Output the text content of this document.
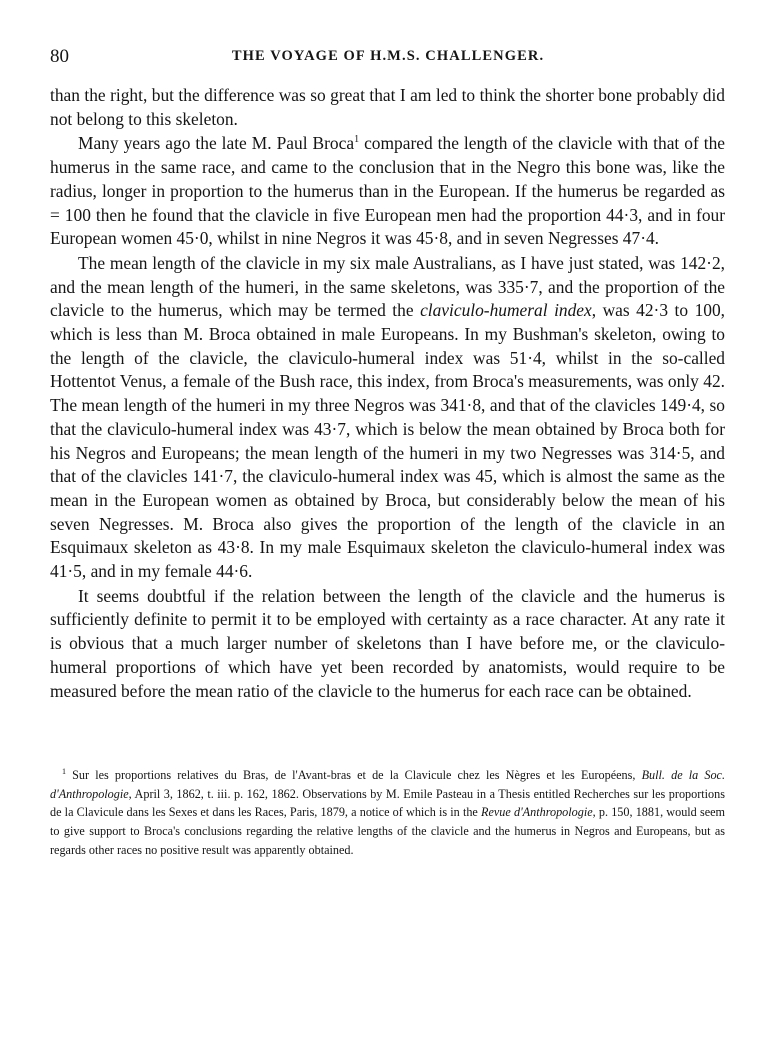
80	THE VOYAGE OF H.M.S. CHALLENGER.

than the right, but the difference was so great that I am led to think the shorter bone probably did not belong to this skeleton.

Many years ago the late M. Paul Broca$^1$ compared the length of the clavicle with that of the humerus in the same race, and came to the conclusion that in the Negro this bone was, like the radius, longer in proportion to the humerus than in the European. If the humerus be regarded as = 100 then he found that the clavicle in five European men had the proportion 44·3, and in four European women 45·0, whilst in nine Negros it was 45·8, and in seven Negresses 47·4.

The mean length of the clavicle in my six male Australians, as I have just stated, was 142·2, and the mean length of the humeri, in the same skeletons, was 335·7, and the proportion of the clavicle to the humerus, which may be termed the claviculo-humeral index, was 42·3 to 100, which is less than M. Broca obtained in male Europeans. In my Bushman's skeleton, owing to the length of the clavicle, the claviculo-humeral index was 51·4, whilst in the so-called Hottentot Venus, a female of the Bush race, this index, from Broca's measurements, was only 42. The mean length of the humeri in my three Negros was 341·8, and that of the clavicles 149·4, so that the claviculo-humeral index was 43·7, which is below the mean obtained by Broca both for his Negros and Europeans; the mean length of the humeri in my two Negresses was 314·5, and that of the clavicles 141·7, the claviculo-humeral index was 45, which is almost the same as the mean in the European women as obtained by Broca, but considerably below the mean of his seven Negresses. M. Broca also gives the proportion of the length of the clavicle in an Esquimaux skeleton as 43·8. In my male Esquimaux skeleton the claviculo-humeral index was 41·5, and in my female 44·6.

It seems doubtful if the relation between the length of the clavicle and the humerus is sufficiently definite to permit it to be employed with certainty as a race character. At any rate it is obvious that a much larger number of skeletons than I have before me, or the claviculo-humeral proportions of which have yet been recorded by anatomists, would require to be measured before the mean ratio of the clavicle to the humerus for each race can be obtained.

$^1$ Sur les proportions relatives du Bras, de l'Avant-bras et de la Clavicule chez les Nègres et les Européens, Bull. de la Soc. d'Anthropologie, April 3, 1862, t. iii. p. 162, 1862. Observations by M. Emile Pasteau in a Thesis entitled Recherches sur les proportions de la Clavicule dans les Sexes et dans les Races, Paris, 1879, a notice of which is in the Revue d'Anthropologie, p. 150, 1881, would seem to give support to Broca's conclusions regarding the relative lengths of the clavicle and the humerus in Negros and Europeans, but as regards other races no positive result was apparently obtained.
